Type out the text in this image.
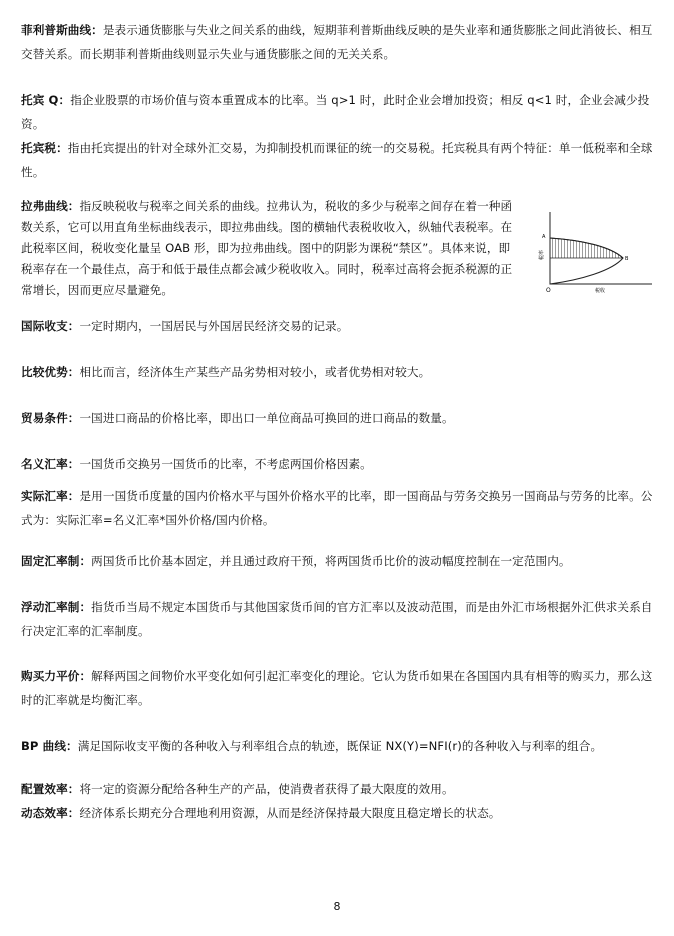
菲利普斯曲线：是表示通货膨胀与失业之间关系的曲线，短期菲利普斯曲线反映的是失业率和通货膨胀之间此消彼长、相互交替关系。而长期菲利普斯曲线则显示失业与通货膨胀之间的无关关系。
托宾 Q：指企业股票的市场价值与资本重置成本的比率。当 q>1 时，此时企业会增加投资；相反 q<1 时，企业会减少投资。
托宾税：指由托宾提出的针对全球外汇交易，为抑制投机而课征的统一的交易税。托宾税具有两个特征：单一低税率和全球性。
拉弗曲线：指反映税收与税率之间关系的曲线。拉弗认为，税收的多少与税率之间存在着一种函数关系，它可以用直角坐标曲线表示，即拉弗曲线。图的横轴代表税收收入，纵轴代表税率。在此税率区间，税收变化量呈 OAB 形，即为拉弗曲线。图中的阴影为课税“禁区”。具体来说，即税率存在一个最佳点，高于和低于最佳点都会减少税收收入。同时，税率过高将会扼杀税源的正常增长，因而更应尽量避免。	O
A
B
税率
税收
国际收支：一定时期内，一国居民与外国居民经济交易的记录。
比较优势：相比而言，经济体生产某些产品劣势相对较小，或者优势相对较大。
贸易条件：一国进口商品的价格比率，即出口一单位商品可换回的进口商品的数量。
名义汇率：一国货币交换另一国货币的比率，不考虑两国价格因素。
实际汇率：是用一国货币度量的国内价格水平与国外价格水平的比率，即一国商品与劳务交换另一国商品与劳务的比率。公式为：实际汇率=名义汇率*国外价格/国内价格。
固定汇率制：两国货币比价基本固定，并且通过政府干预，将两国货币比价的波动幅度控制在一定范围内。
浮动汇率制：指货币当局不规定本国货币与其他国家货币间的官方汇率以及波动范围，而是由外汇市场根据外汇供求关系自行决定汇率的汇率制度。
购买力平价：解释两国之间物价水平变化如何引起汇率变化的理论。它认为货币如果在各国国内具有相等的购买力，那么这时的汇率就是均衡汇率。
BP 曲线：满足国际收支平衡的各种收入与利率组合点的轨迹，既保证 NX(Y)=NFI(r)的各种收入与利率的组合。
配置效率：将一定的资源分配给各种生产的产品，使消费者获得了最大限度的效用。
动态效率：经济体系长期充分合理地利用资源，从而是经济保持最大限度且稳定增长的状态。
8
